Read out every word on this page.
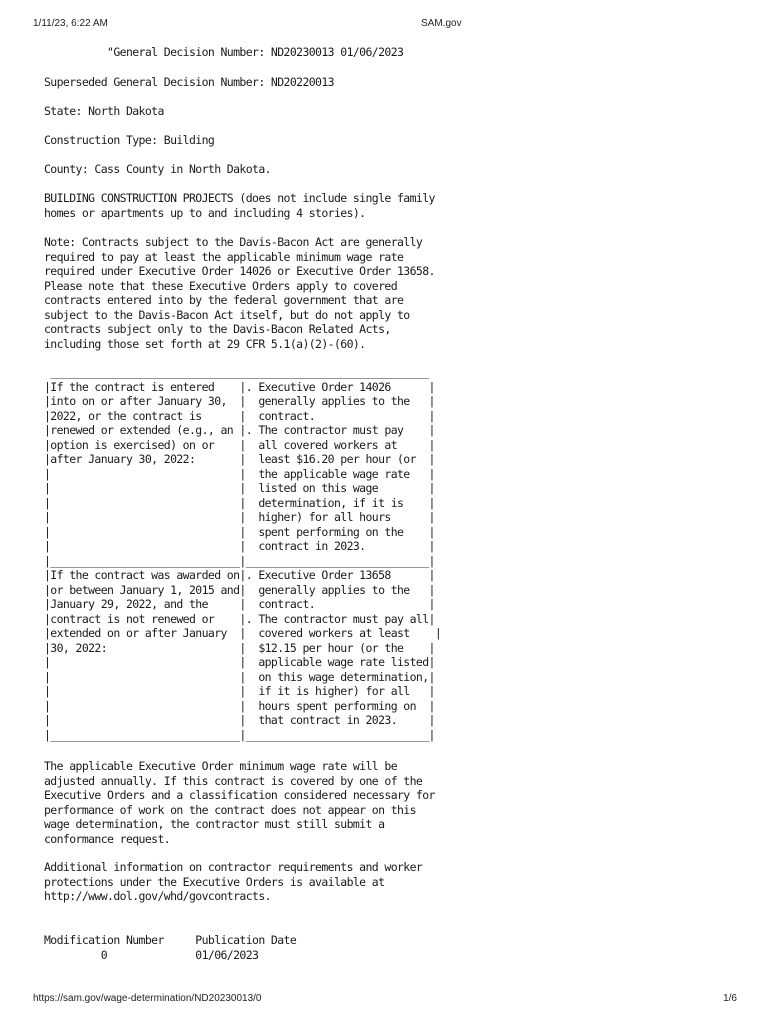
1/11/23, 6:22 AM	SAM.gov
"General Decision Number: ND20230013 01/06/2023
Superseded General Decision Number: ND20220013
State: North Dakota
Construction Type: Building
County: Cass County in North Dakota.
BUILDING CONSTRUCTION PROJECTS (does not include single family
homes or apartments up to and including 4 stories).
Note: Contracts subject to the Davis-Bacon Act are generally
required to pay at least the applicable minimum wage rate
required under Executive Order 14026 or Executive Order 13658.
Please note that these Executive Orders apply to covered
contracts entered into by the federal government that are
subject to the Davis-Bacon Act itself, but do not apply to
contracts subject only to the Davis-Bacon Related Acts,
including those set forth at 29 CFR 5.1(a)(2)-(60).
____________________________________________________________
|If the contract is entered    |. Executive Order 14026      |
|into on or after January 30,  |  generally applies to the   |
|2022, or the contract is      |  contract.                  |
|renewed or extended (e.g., an |. The contractor must pay    |
|option is exercised) on or    |  all covered workers at     |
|after January 30, 2022:       |  least $16.20 per hour (or  |
|                              |  the applicable wage rate   |
|                              |  listed on this wage        |
|                              |  determination, if it is    |
|                              |  higher) for all hours      |
|                              |  spent performing on the    |
|                              |  contract in 2023.          |
|______________________________|_____________________________|
|If the contract was awarded on|. Executive Order 13658      |
|or between January 1, 2015 and|  generally applies to the   |
|January 29, 2022, and the     |  contract.                  |
|contract is not renewed or    |. The contractor must pay all|
|extended on or after January  |  covered workers at least    |
|30, 2022:                     |  $12.15 per hour (or the    |
|                              |  applicable wage rate listed|
|                              |  on this wage determination,|
|                              |  if it is higher) for all   |
|                              |  hours spent performing on  |
|                              |  that contract in 2023.     |
|______________________________|_____________________________|
The applicable Executive Order minimum wage rate will be
adjusted annually. If this contract is covered by one of the
Executive Orders and a classification considered necessary for
performance of work on the contract does not appear on this
wage determination, the contractor must still submit a
conformance request.
Additional information on contractor requirements and worker
protections under the Executive Orders is available at
http://www.dol.gov/whd/govcontracts.
Modification Number     Publication Date
0              01/06/2023
https://sam.gov/wage-determination/ND20230013/0	1/6
